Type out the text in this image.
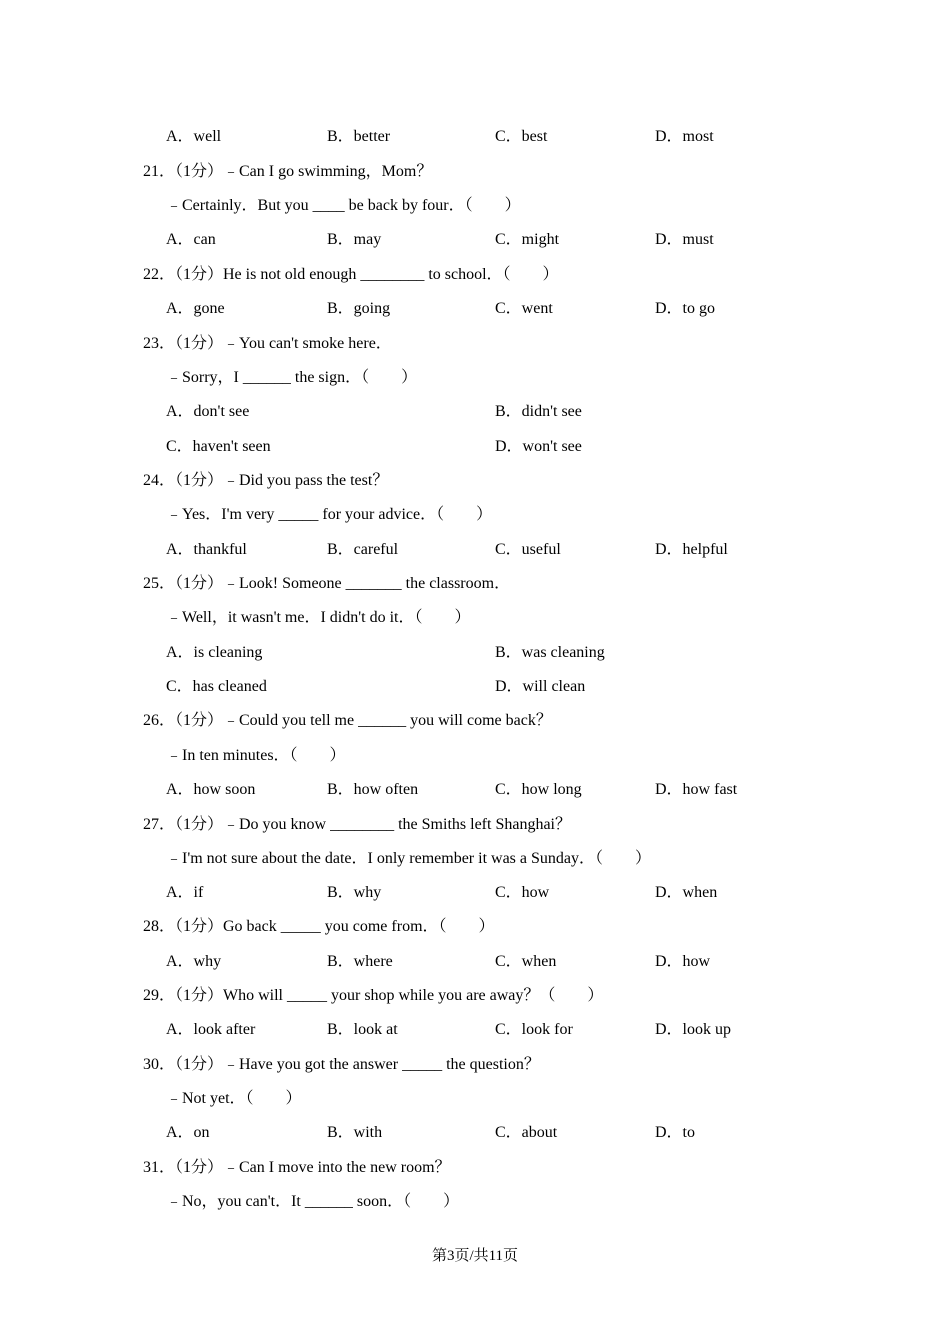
A．well	B．better	C．best	D．most
21．（1分）﹣Can I go swimming，Mom？
﹣Certainly．But you ____ be back by four．（　　）
A．can	B．may	C．might	D．must
22．（1分）He is not old enough ________ to school．（　　）
A．gone	B．going	C．went	D．to go
23．（1分）﹣You can't smoke here．
﹣Sorry，I ______ the sign．（　　）
A．don't see	B．didn't see
C．haven't seen	D．won't see
24．（1分）﹣Did you pass the test？
﹣Yes．I'm very _____ for your advice．（　　）
A．thankful	B．careful	C．useful	D．helpful
25．（1分）﹣Look! Someone _______ the classroom．
﹣Well，it wasn't me．I didn't do it．（　　）
A．is cleaning	B．was cleaning
C．has cleaned	D．will clean
26．（1分）﹣Could you tell me ______ you will come back？
﹣In ten minutes．（　　）
A．how soon	B．how often	C．how long	D．how fast
27．（1分）﹣Do you know ________ the Smiths left Shanghai？
﹣I'm not sure about the date．I only remember it was a Sunday．（　　）
A．if	B．why	C．how	D．when
28．（1分）Go back _____ you come from．（　　）
A．why	B．where	C．when	D．how
29．（1分）Who will _____ your shop while you are away？（　　）
A．look after	B．look at	C．look for	D．look up
30．（1分）﹣Have you got the answer _____ the question？
﹣Not yet．（　　）
A．on	B．with	C．about	D．to
31．（1分）﹣Can I move into the new room？
﹣No，you can't．It ______ soon．（　　）
第3页/共11页
